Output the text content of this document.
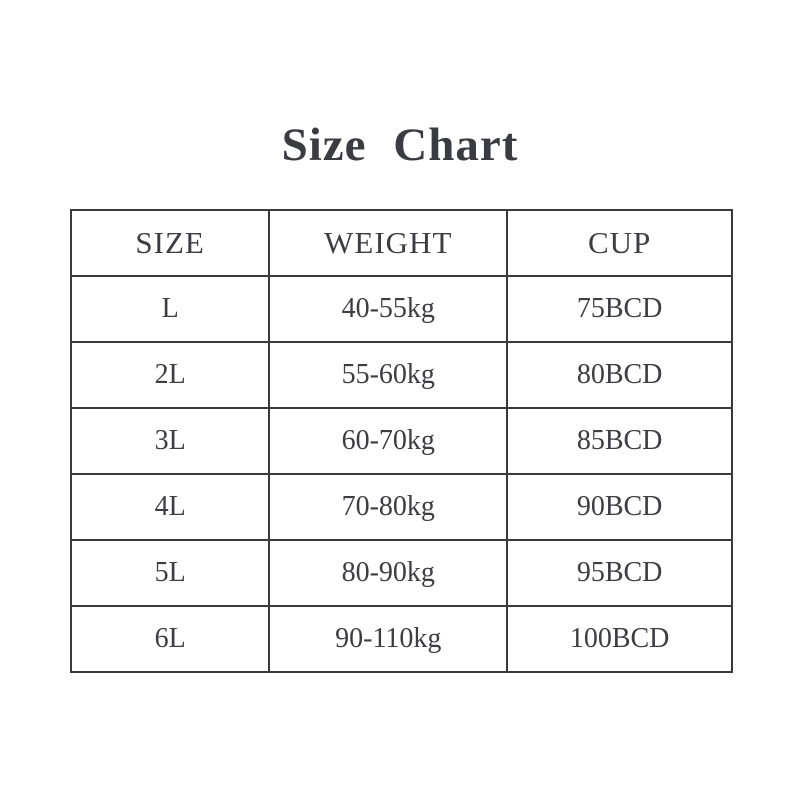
Size Chart
SIZE	WEIGHT	CUP
L	40-55kg	75BCD
2L	55-60kg	80BCD
3L	60-70kg	85BCD
4L	70-80kg	90BCD
5L	80-90kg	95BCD
6L	90-110kg	100BCD
